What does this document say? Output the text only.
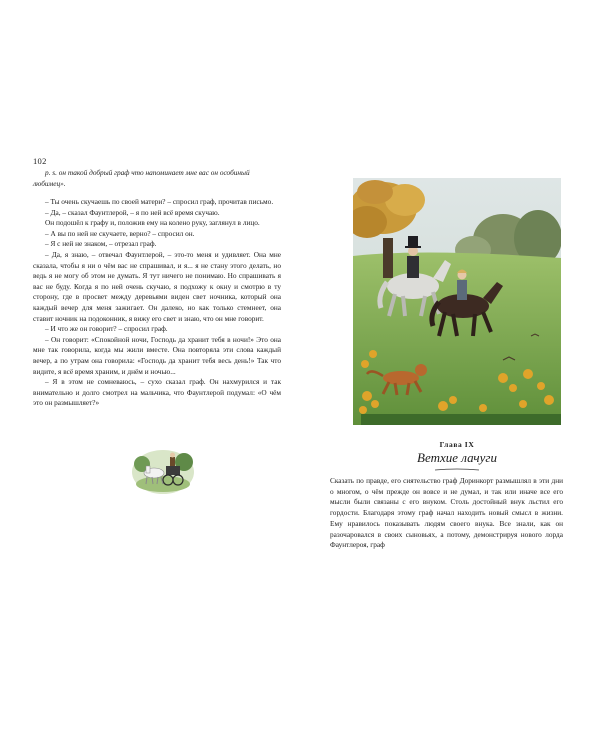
102

p. s. он такой добрый граф что напоминает мне вас он особиный любимец».

– Ты очень скучаешь по своей матери? – спросил граф, прочитав письмо.

– Да, – сказал Фаунтлерой, – я по ней всё время скучаю.

Он подошёл к графу и, положив ему на колено руку, заглянул в лицо.

– А вы по ней не скучаете, верно? – спросил он.

– Я с ней не знаком, – отрезал граф.

– Да, я знаю, – отвечал Фаунтлерой, – это-то меня и удивляет. Она мне сказала, чтобы я ни о чём вас не спрашивал, и я... я не стану этого делать, но ведь я не могу об этом не думать. Я тут ничего не понимаю. Но спрашивать я вас не буду. Когда я по ней очень скучаю, я подхожу к окну и смотрю в ту сторону, где в просвет между деревьями виден свет ночника, который она каждый вечер для меня зажигает. Он далеко, но как только стемнеет, она ставит ночник на подоконник, я вижу его свет и знаю, что он мне говорит.

– И что же он говорит? – спросил граф.

– Он говорит: «Спокойной ночи, Господь да хранит тебя в ночи!» Это она мне так говорила, когда мы жили вместе. Она повторяла эти слова каждый вечер, а по утрам она говорила: «Господь да хранит тебя весь день!» Так что видите, я всё время храним, и днём и ночью...

– Я в этом не сомневаюсь, – сухо сказал граф. Он нахмурился и так внимательно и долго смотрел на мальчика, что Фаунтлерой подумал: «О чём это он размышляет?»

Глава IX
Ветхие лачуги

Сказать по правде, его сиятельство граф Доринкорт размышлял в эти дни о многом, о чём прежде он вовсе и не думал, и так или иначе все его мысли были связаны с его внуком. Столь достойный внук льстил его гордости. Благодаря этому граф начал находить новый смысл в жизни. Ему нравилось показывать людям своего внука. Все знали, как он разочаровался в своих сыновьях, а потому, демонстрируя нового лорда Фаунтлероя, граф
